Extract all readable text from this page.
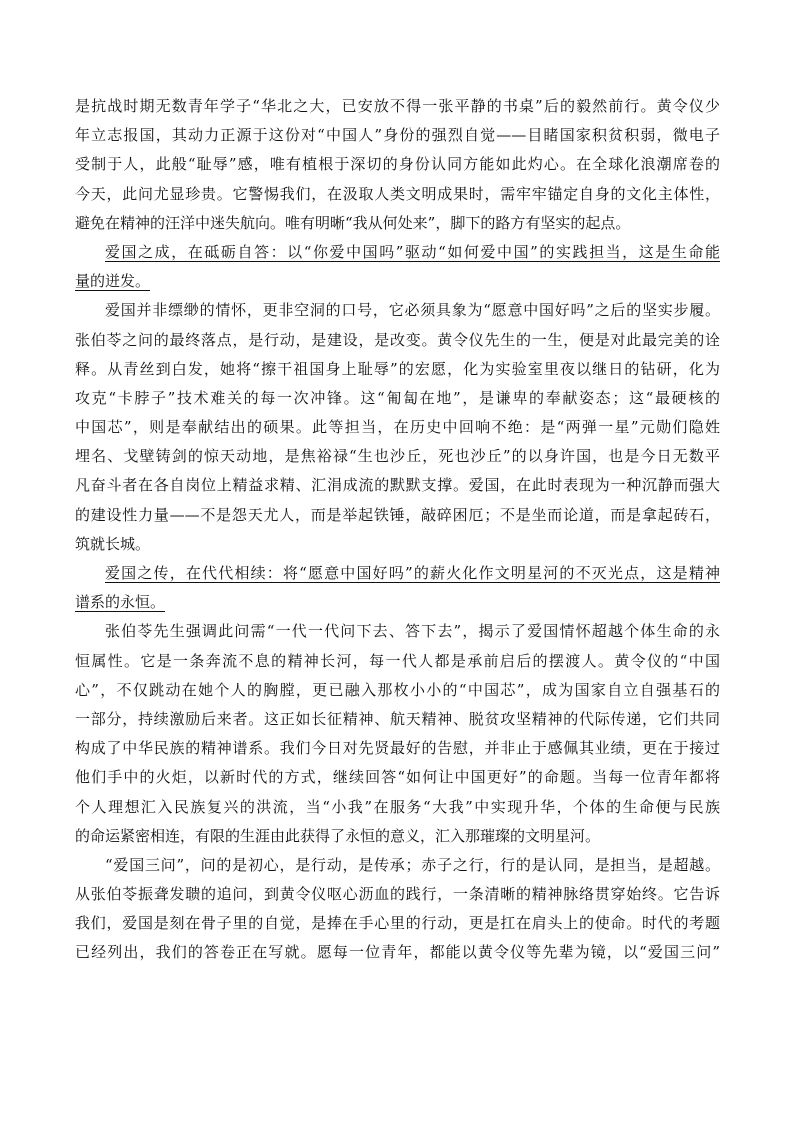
是抗战时期无数青年学子“华北之大，已安放不得一张平静的书桌”后的毅然前行。黄令仪少
年立志报国，其动力正源于这份对“中国人”身份的强烈自觉——目睹国家积贫积弱，微电子
受制于人，此般“耻辱”感，唯有植根于深切的身份认同方能如此灼心。在全球化浪潮席卷的
今天，此问尤显珍贵。它警惕我们，在汲取人类文明成果时，需牢牢锚定自身的文化主体性，
避免在精神的汪洋中迷失航向。唯有明晰“我从何处来”，脚下的路方有坚实的起点。
爱国之成，在砥砺自答：以“你爱中国吗”驱动“如何爱中国”的实践担当，这是生命能
量的迸发。
爱国并非缥缈的情怀，更非空洞的口号，它必须具象为“愿意中国好吗”之后的坚实步履。
张伯苓之问的最终落点，是行动，是建设，是改变。黄令仪先生的一生，便是对此最完美的诠
释。从青丝到白发，她将“擦干祖国身上耻辱”的宏愿，化为实验室里夜以继日的钻研，化为
攻克“卡脖子”技术难关的每一次冲锋。这“匍匐在地”，是谦卑的奉献姿态；这“最硬核的
中国芯”，则是奉献结出的硕果。此等担当，在历史中回响不绝：是“两弹一星”元勋们隐姓
埋名、戈壁铸剑的惊天动地，是焦裕禄“生也沙丘，死也沙丘”的以身许国，也是今日无数平
凡奋斗者在各自岗位上精益求精、汇涓成流的默默支撑。爱国，在此时表现为一种沉静而强大
的建设性力量——不是怨天尤人，而是举起铁锤，敲碎困厄；不是坐而论道，而是拿起砖石，
筑就长城。
爱国之传，在代代相续：将“愿意中国好吗”的薪火化作文明星河的不灭光点，这是精神
谱系的永恒。
张伯苓先生强调此问需“一代一代问下去、答下去”，揭示了爱国情怀超越个体生命的永
恒属性。它是一条奔流不息的精神长河，每一代人都是承前启后的摆渡人。黄令仪的“中国
心”，不仅跳动在她个人的胸膛，更已融入那枚小小的“中国芯”，成为国家自立自强基石的
一部分，持续激励后来者。这正如长征精神、航天精神、脱贫攻坚精神的代际传递，它们共同
构成了中华民族的精神谱系。我们今日对先贤最好的告慰，并非止于感佩其业绩，更在于接过
他们手中的火炬，以新时代的方式，继续回答“如何让中国更好”的命题。当每一位青年都将
个人理想汇入民族复兴的洪流，当“小我”在服务“大我”中实现升华，个体的生命便与民族
的命运紧密相连，有限的生涯由此获得了永恒的意义，汇入那璀璨的文明星河。
“爱国三问”，问的是初心，是行动，是传承；赤子之行，行的是认同，是担当，是超越。
从张伯苓振聋发聩的追问，到黄令仪呕心沥血的践行，一条清晰的精神脉络贯穿始终。它告诉
我们，爱国是刻在骨子里的自觉，是捧在手心里的行动，更是扛在肩头上的使命。时代的考题
已经列出，我们的答卷正在写就。愿每一位青年，都能以黄令仪等先辈为镜，以“爱国三问”
